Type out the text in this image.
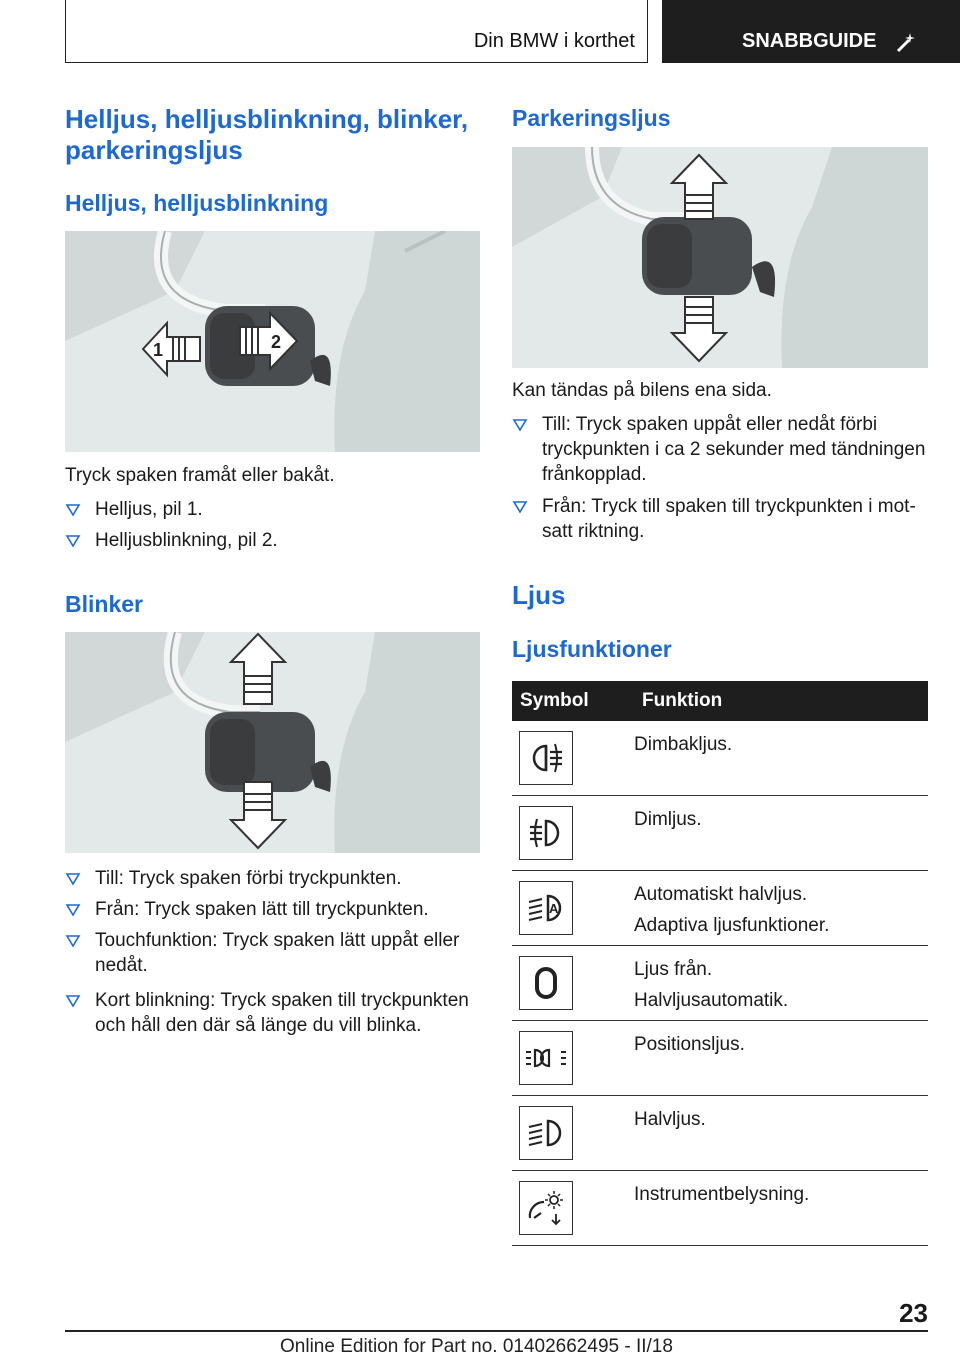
Din BMW i korthet	SNABBGUIDE
Helljus, helljusblinkning, blinker, parkeringsljus
Helljus, helljusblinkning
1	2
Tryck spaken framåt eller bakåt.
Helljus, pil 1.
Helljusblinkning, pil 2.
Blinker
Till: Tryck spaken förbi tryckpunkten.
Från: Tryck spaken lätt till tryckpunkten.
Touchfunktion: Tryck spaken lätt uppåt eller nedåt.
Kort blinkning: Tryck spaken till tryckpunkten och håll den där så länge du vill blinka.
Parkeringsljus
Kan tändas på bilens ena sida.
Till: Tryck spaken uppåt eller nedåt förbi tryckpunkten i ca 2 sekunder med tändningen frånkopplad.
Från: Tryck till spaken till tryckpunkten i motsatt riktning.
Ljus
Ljusfunktioner
Symbol	Funktion

Dimbakljus.

Dimljus.

A	Automatiskt halvljus.
Adaptiva ljusfunktioner.

Ljus från.
Halvljusautomatik.

Positionsljus.

Halvljus.

Instrumentbelysning.
23
Online Edition for Part no. 01402662495 - II/18
